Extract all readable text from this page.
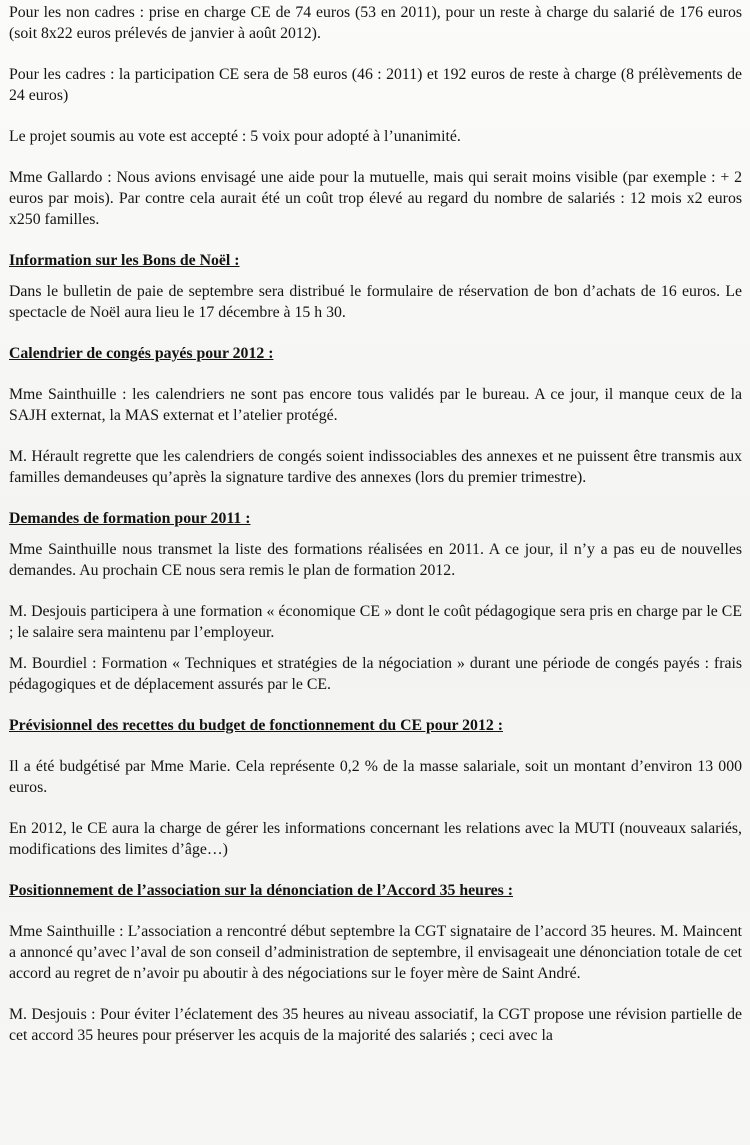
Pour les non cadres : prise en charge CE de 74 euros (53 en 2011), pour un reste à charge du salarié de 176 euros (soit 8x22 euros prélevés de janvier à août 2012).

Pour les cadres : la participation CE sera de 58 euros (46 : 2011) et 192 euros de reste à charge (8 prélèvements de 24 euros)

Le projet soumis au vote est accepté : 5 voix pour adopté à l’unanimité.

Mme Gallardo : Nous avions envisagé une aide pour la mutuelle, mais qui serait moins visible (par exemple : + 2 euros par mois). Par contre cela aurait été un coût trop élevé au regard du nombre de salariés : 12 mois x2 euros x250 familles.

Information sur les Bons de Noël :

Dans le bulletin de paie de septembre sera distribué le formulaire de réservation de bon d’achats de 16 euros. Le spectacle de Noël aura lieu le 17 décembre à 15 h 30.

Calendrier de congés payés pour 2012 :

Mme Sainthuille : les calendriers ne sont pas encore tous validés par le bureau. A ce jour, il manque ceux de la SAJH externat, la MAS externat et l’atelier protégé.

M. Hérault regrette que les calendriers de congés soient indissociables des annexes et ne puissent être transmis aux familles demandeuses qu’après la signature tardive des annexes (lors du premier trimestre).

Demandes de formation pour 2011 :

Mme Sainthuille nous transmet la liste des formations réalisées en 2011. A ce jour, il n’y a pas eu de nouvelles demandes. Au prochain CE nous sera remis le plan de formation 2012.

M. Desjouis participera à une formation « économique CE » dont le coût pédagogique sera pris en charge par le CE ; le salaire sera maintenu par l’employeur.

M. Bourdiel : Formation « Techniques et stratégies de la négociation » durant une période de congés payés : frais pédagogiques et de déplacement assurés par le CE.

Prévisionnel des recettes du budget de fonctionnement du CE pour 2012 :

Il a été budgétisé par Mme Marie. Cela représente 0,2 % de la masse salariale, soit un montant d’environ 13 000 euros.

En 2012, le CE aura la charge de gérer les informations concernant les relations avec la MUTI (nouveaux salariés, modifications des limites d’âge…)

Positionnement de l’association sur la dénonciation de l’Accord 35 heures :

Mme Sainthuille : L’association a rencontré début septembre la CGT signataire de l’accord 35 heures. M. Maincent a annoncé qu’avec l’aval de son conseil d’administration de septembre, il envisageait une dénonciation totale de cet accord au regret de n’avoir pu aboutir à des négociations sur le foyer mère de Saint André.

M. Desjouis : Pour éviter l’éclatement des 35 heures au niveau associatif, la CGT propose une révision partielle de cet accord 35 heures pour préserver les acquis de la majorité des salariés ; ceci avec la
